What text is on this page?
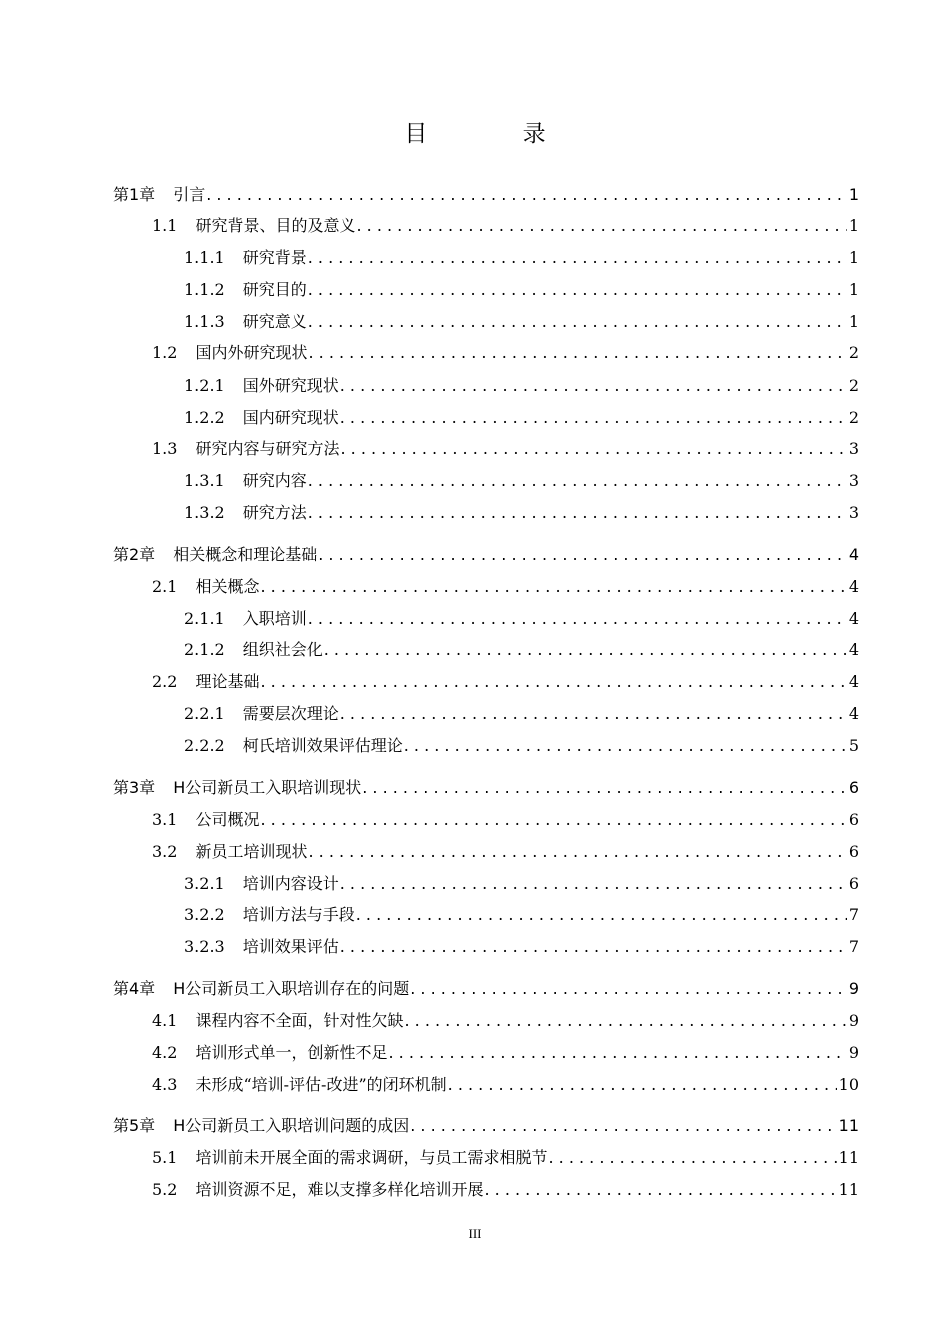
目 录
第1章 引言	1
. . .
1.1 研究背景、目的及意义	1
. . .
1.1.1 研究背景	1
. . .
1.1.2 研究目的	1
. . .
1.1.3 研究意义	1
. . .
1.2 国内外研究现状	2
. . .
1.2.1 国外研究现状	2
. . .
1.2.2 国内研究现状	2
. . .
1.3 研究内容与研究方法	3
. . .
1.3.1 研究内容	3
. . .
1.3.2 研究方法	3
. . .
第2章 相关概念和理论基础	4
. . .
2.1 相关概念	4
. . .
2.1.1 入职培训	4
. . .
2.1.2 组织社会化	4
. . .
2.2 理论基础	4
. . .
2.2.1 需要层次理论	4
. . .
2.2.2 柯氏培训效果评估理论	5
. . .
第3章 H公司新员工入职培训现状	6
. . .
3.1 公司概况	6
. . .
3.2 新员工培训现状	6
. . .
3.2.1 培训内容设计	6
. . .
3.2.2 培训方法与手段	7
. . .
3.2.3 培训效果评估	7
. . .
第4章 H公司新员工入职培训存在的问题	9
. . .
4.1 课程内容不全面，针对性欠缺	9
. . .
4.2 培训形式单一，创新性不足	9
. . .
4.3 未形成“培训-评估-改进”的闭环机制	10
. . .
第5章 H公司新员工入职培训问题的成因	11
. . .
5.1 培训前未开展全面的需求调研，与员工需求相脱节	11
. . .
5.2 培训资源不足，难以支撑多样化培训开展	11
. . .
III
